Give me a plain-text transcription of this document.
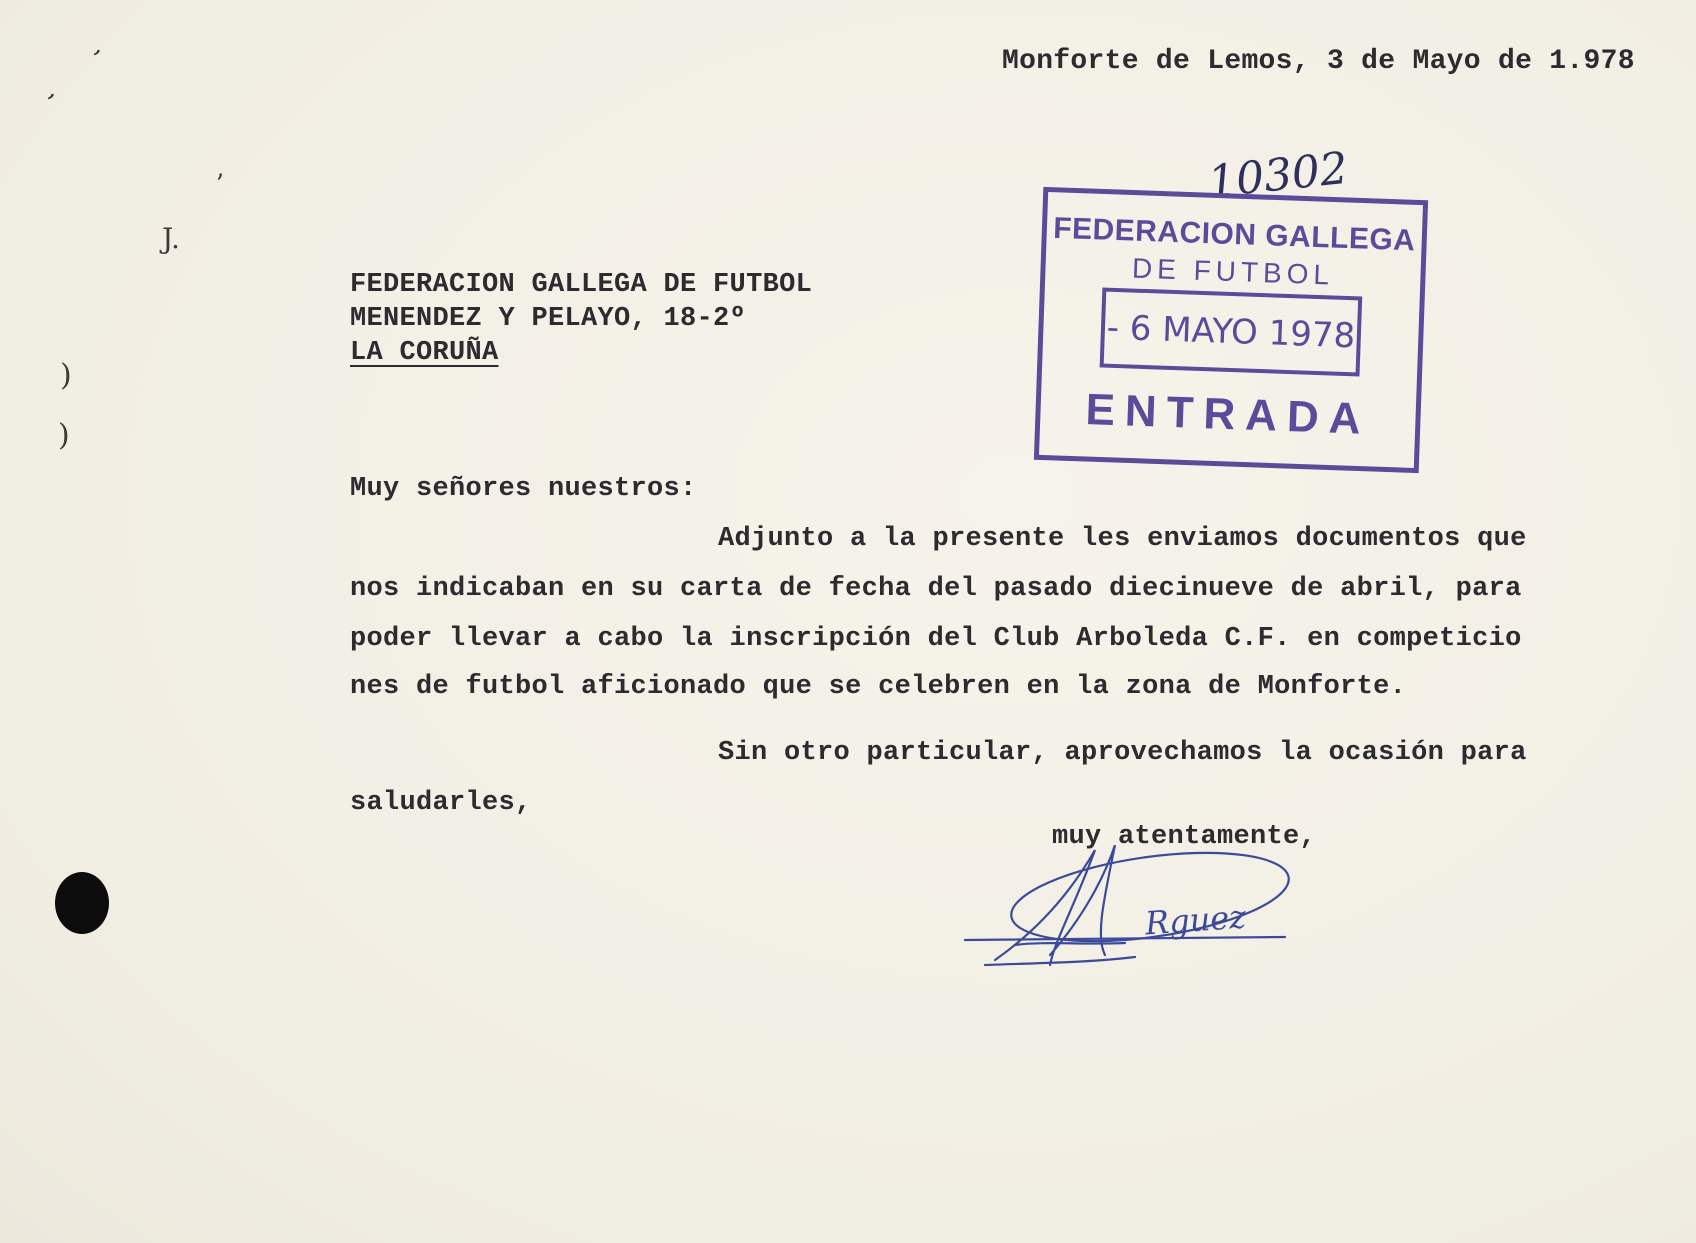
‚
‚
ʼ
J.
)
)
Monforte de Lemos, 3 de Mayo de 1.978
10302
FEDERACION GALLEGA
DE FUTBOL
- 6 MAYO 1978
ENTRADA
FEDERACION GALLEGA DE FUTBOL
MENENDEZ Y PELAYO, 18-2º
LA CORUÑA
Muy señores nuestros:
Adjunto a la presente les enviamos documentos que
nos indicaban en su carta de fecha del pasado diecinueve de abril, para
poder llevar a cabo la inscripción del Club Arboleda C.F. en competicio
nes de futbol aficionado que se celebren en la zona de Monforte.
Sin otro particular, aprovechamos la ocasión para
saludarles,
muy atentamente,
Rguez
